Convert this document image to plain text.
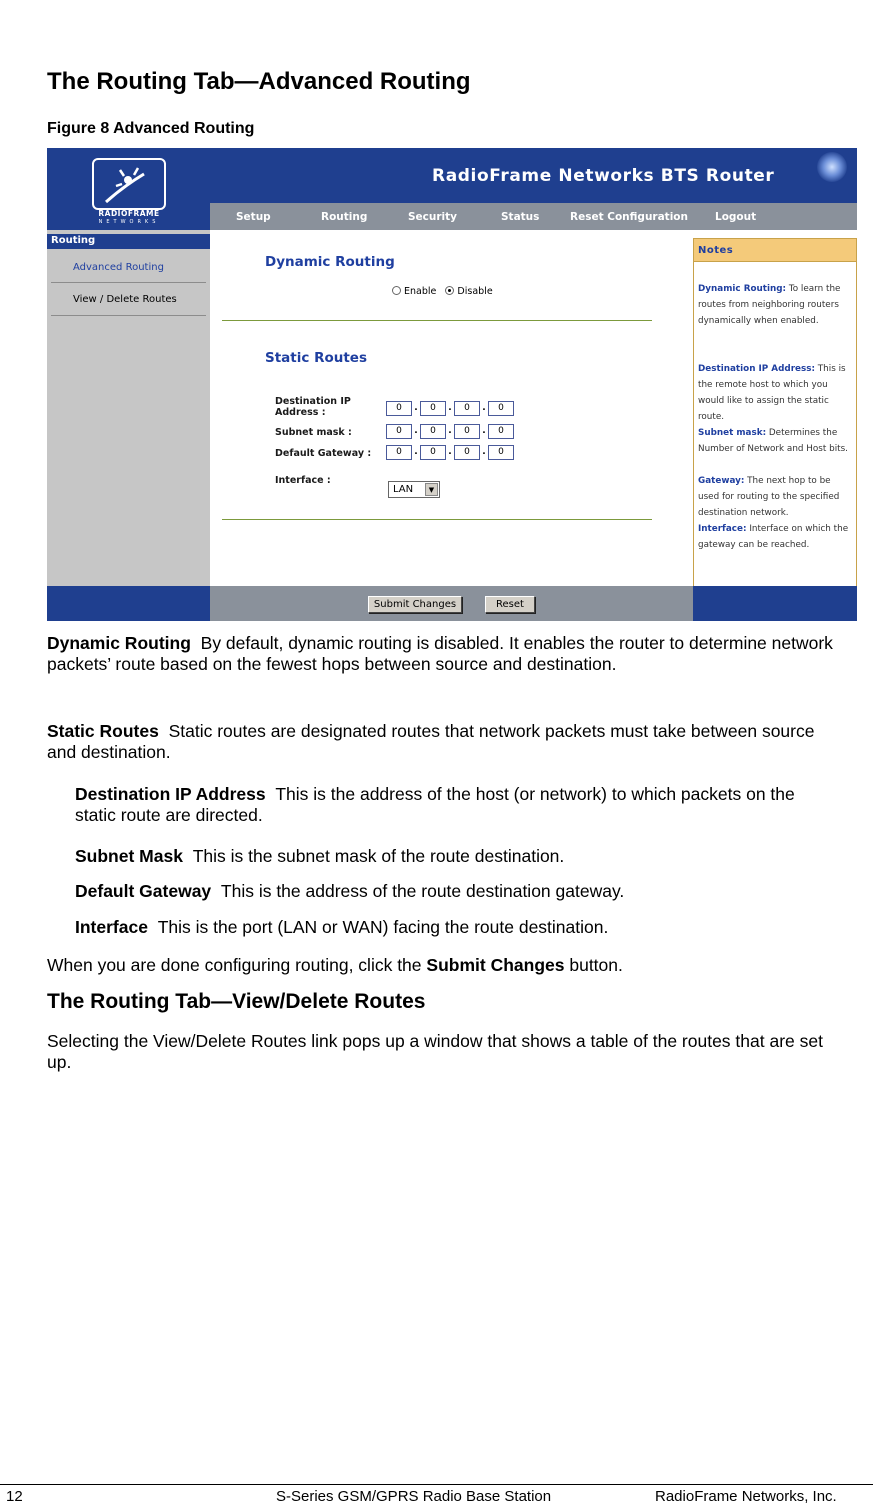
The Routing Tab—Advanced Routing
Figure 8 Advanced Routing
RADIOFRAME
NETWORKS
RadioFrame Networks BTS Router
Setup	Routing	Security	Status	Reset Configuration	Logout
Routing
Advanced Routing
View / Delete Routes
Dynamic Routing
Enable Disable
Static Routes
Destination IP Address :	0 . 0 . 0 . 0
Subnet mask :	0 . 0 . 0 . 0
Default Gateway :	0 . 0 . 0 . 0
Interface :
LAN	▼
Notes
Dynamic Routing: To learn the routes from neighboring routers dynamically when enabled.
Destination IP Address: This is the remote host to which you would like to assign the static route.
Subnet mask: Determines the Number of Network and Host bits.
Gateway: The next hop to be used for routing to the specified destination network.
Interface: Interface on which the gateway can be reached.
Submit Changes	Reset
Dynamic Routing By default, dynamic routing is disabled. It enables the router to determine network packets’ route based on the fewest hops between source and destination.
Static Routes Static routes are designated routes that network packets must take between source and destination.
Destination IP Address This is the address of the host (or network) to which packets on the static route are directed.
Subnet Mask This is the subnet mask of the route destination.
Default Gateway This is the address of the route destination gateway.
Interface This is the port (LAN or WAN) facing the route destination.
When you are done configuring routing, click the Submit Changes button.
The Routing Tab—View/Delete Routes
Selecting the View/Delete Routes link pops up a window that shows a table of the routes that are set up.
12	S-Series GSM/GPRS Radio Base Station	RadioFrame Networks, Inc.
